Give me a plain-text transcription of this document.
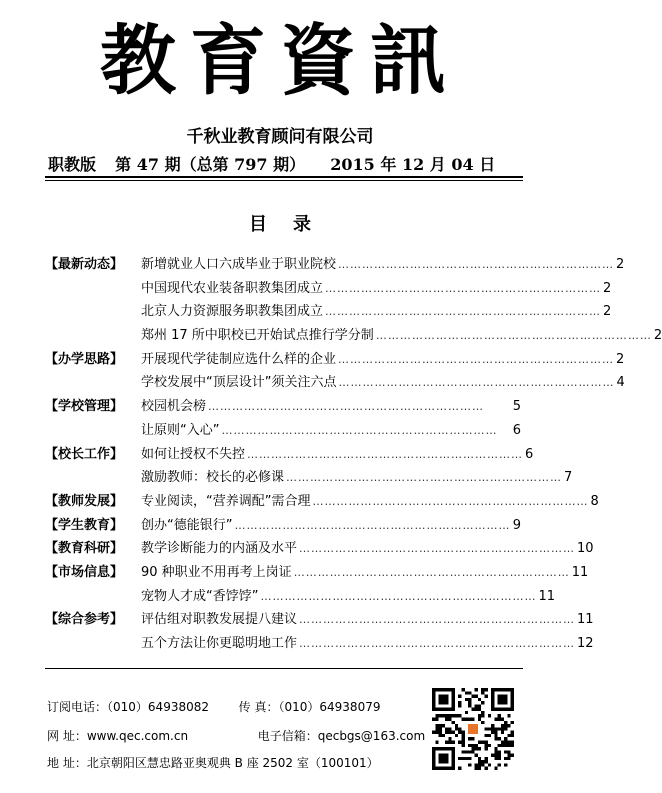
教育資訊
千秋业教育顾问有限公司
职教版 第 47 期（总第 797 期） 2015 年 12 月 04 日
目录
【最新动态】 新增就业人口六成毕业于职业院校 …………………………………………………………… 2
中国现代农业装备职教集团成立 …………………………………………………………… 2
北京人力资源服务职教集团成立 …………………………………………………………… 2
郑州 17 所中职校已开始试点推行学分制 …………………………………………………………… 2
【办学思路】 开展现代学徒制应选什么样的企业 …………………………………………………………… 2
学校发展中“顶层设计”须关注六点 …………………………………………………………… 4
【学校管理】 校园机会榜 ……………………………………………………………	5
让原则“入心” ……………………………………………………………	6
【校长工作】 如何让授权不失控 …………………………………………………………… 6
激励教师：校长的必修课 …………………………………………………………… 7
【教师发展】 专业阅读，“营养调配”需合理 …………………………………………………………… 8
【学生教育】 创办“德能银行” …………………………………………………………… 9
【教育科研】 教学诊断能力的内涵及水平 …………………………………………………………… 10
【市场信息】 90 种职业不用再考上岗证 …………………………………………………………… 11
宠物人才成“香饽饽” …………………………………………………………… 11
【综合参考】 评估组对职教发展提八建议 …………………………………………………………… 11
五个方法让你更聪明地工作 …………………………………………………………… 12
订阅电话：（010）64938082 传 真：（010）64938079
网 址：www.qec.com.cn	电子信箱：qecbgs@163.com
地 址：北京朝阳区慧忠路亚奥观典 B 座 2502 室（100101）
